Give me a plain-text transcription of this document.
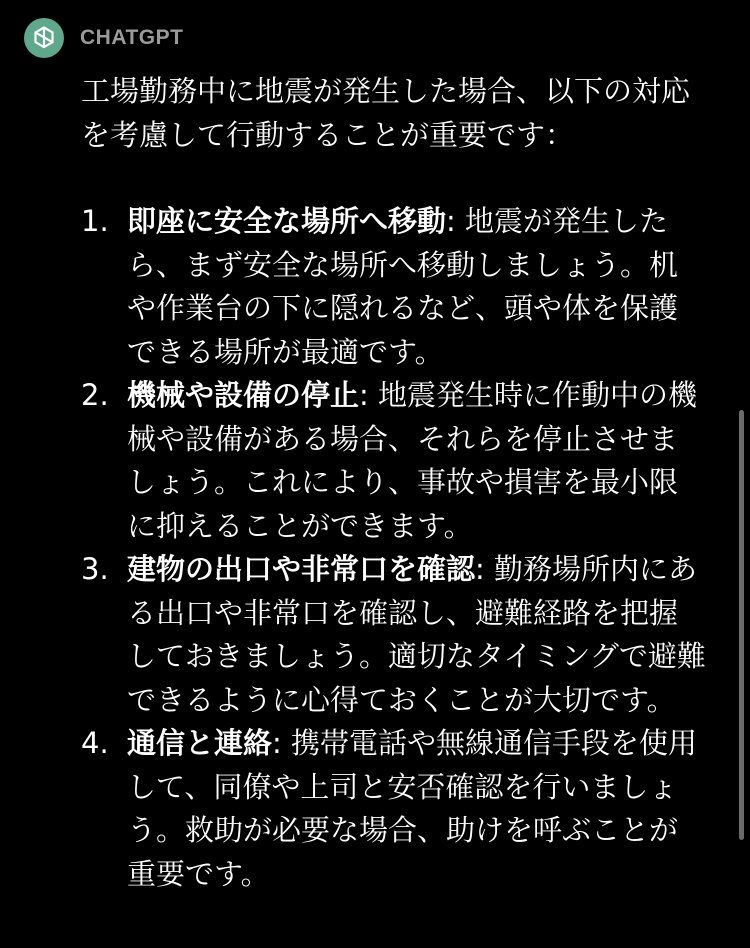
CHATGPT

工場勤務中に地震が発生した場合、以下の対応を考慮して行動することが重要です：

1. 即座に安全な場所へ移動: 地震が発生したら、まず安全な場所へ移動しましょう。机や作業台の下に隠れるなど、頭や体を保護できる場所が最適です。
2. 機械や設備の停止: 地震発生時に作動中の機械や設備がある場合、それらを停止させましょう。これにより、事故や損害を最小限に抑えることができます。
3. 建物の出口や非常口を確認: 勤務場所内にある出口や非常口を確認し、避難経路を把握しておきましょう。適切なタイミングで避難できるように心得ておくことが大切です。
4. 通信と連絡: 携帯電話や無線通信手段を使用して、同僚や上司と安否確認を行いましょう。救助が必要な場合、助けを呼ぶことが重要です。
